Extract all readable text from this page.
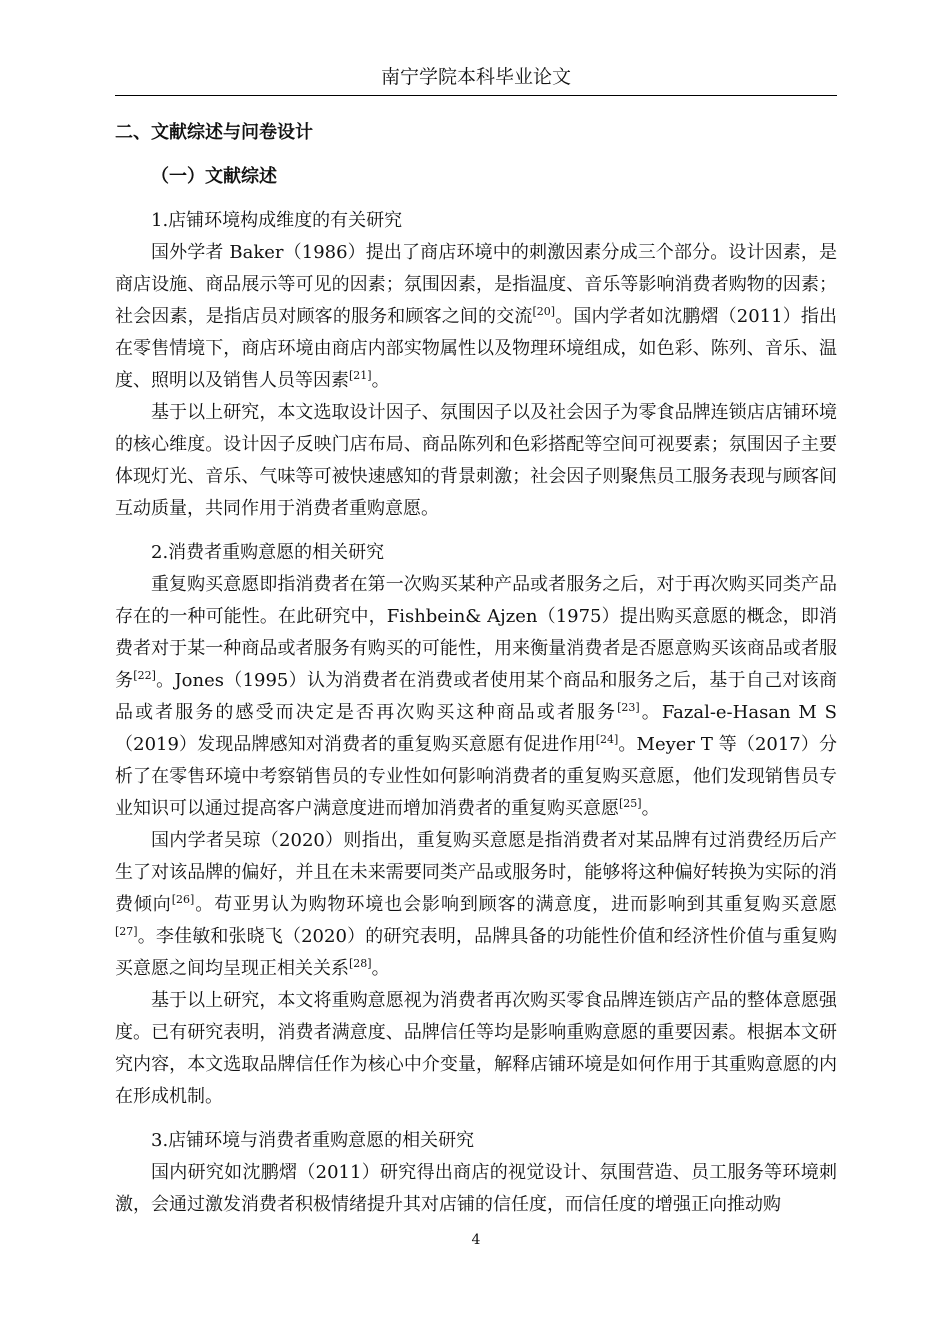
南宁学院本科毕业论文
二、文献综述与问卷设计
（一）文献综述
1.店铺环境构成维度的有关研究

国外学者 Baker（1986）提出了商店环境中的刺激因素分成三个部分。设计因素，是商店设施、商品展示等可见的因素；氛围因素，是指温度、音乐等影响消费者购物的因素；社会因素，是指店员对顾客的服务和顾客之间的交流[20]。国内学者如沈鹏熠（2011）指出在零售情境下，商店环境由商店内部实物属性以及物理环境组成，如色彩、陈列、音乐、温度、照明以及销售人员等因素[21]。

基于以上研究，本文选取设计因子、氛围因子以及社会因子为零食品牌连锁店店铺环境的核心维度。设计因子反映门店布局、商品陈列和色彩搭配等空间可视要素；氛围因子主要体现灯光、音乐、气味等可被快速感知的背景刺激；社会因子则聚焦员工服务表现与顾客间互动质量，共同作用于消费者重购意愿。

2.消费者重购意愿的相关研究

重复购买意愿即指消费者在第一次购买某种产品或者服务之后，对于再次购买同类产品存在的一种可能性。在此研究中，Fishbein& Ajzen（1975）提出购买意愿的概念，即消费者对于某一种商品或者服务有购买的可能性，用来衡量消费者是否愿意购买该商品或者服务[22]。Jones（1995）认为消费者在消费或者使用某个商品和服务之后，基于自己对该商品或者服务的感受而决定是否再次购买这种商品或者服务[23]。Fazal-e-Hasan M S（2019）发现品牌感知对消费者的重复购买意愿有促进作用[24]。Meyer T 等（2017）分析了在零售环境中考察销售员的专业性如何影响消费者的重复购买意愿，他们发现销售员专业知识可以通过提高客户满意度进而增加消费者的重复购买意愿[25]。

国内学者吴琼（2020）则指出，重复购买意愿是指消费者对某品牌有过消费经历后产生了对该品牌的偏好，并且在未来需要同类产品或服务时，能够将这种偏好转换为实际的消费倾向[26]。苟亚男认为购物环境也会影响到顾客的满意度，进而影响到其重复购买意愿[27]。李佳敏和张晓飞（2020）的研究表明，品牌具备的功能性价值和经济性价值与重复购买意愿之间均呈现正相关关系[28]。

基于以上研究，本文将重购意愿视为消费者再次购买零食品牌连锁店产品的整体意愿强度。已有研究表明，消费者满意度、品牌信任等均是影响重购意愿的重要因素。根据本文研究内容，本文选取品牌信任作为核心中介变量，解释店铺环境是如何作用于其重购意愿的内在形成机制。

3.店铺环境与消费者重购意愿的相关研究

国内研究如沈鹏熠（2011）研究得出商店的视觉设计、氛围营造、员工服务等环境刺激，会通过激发消费者积极情绪提升其对店铺的信任度，而信任度的增强正向推动购

4
